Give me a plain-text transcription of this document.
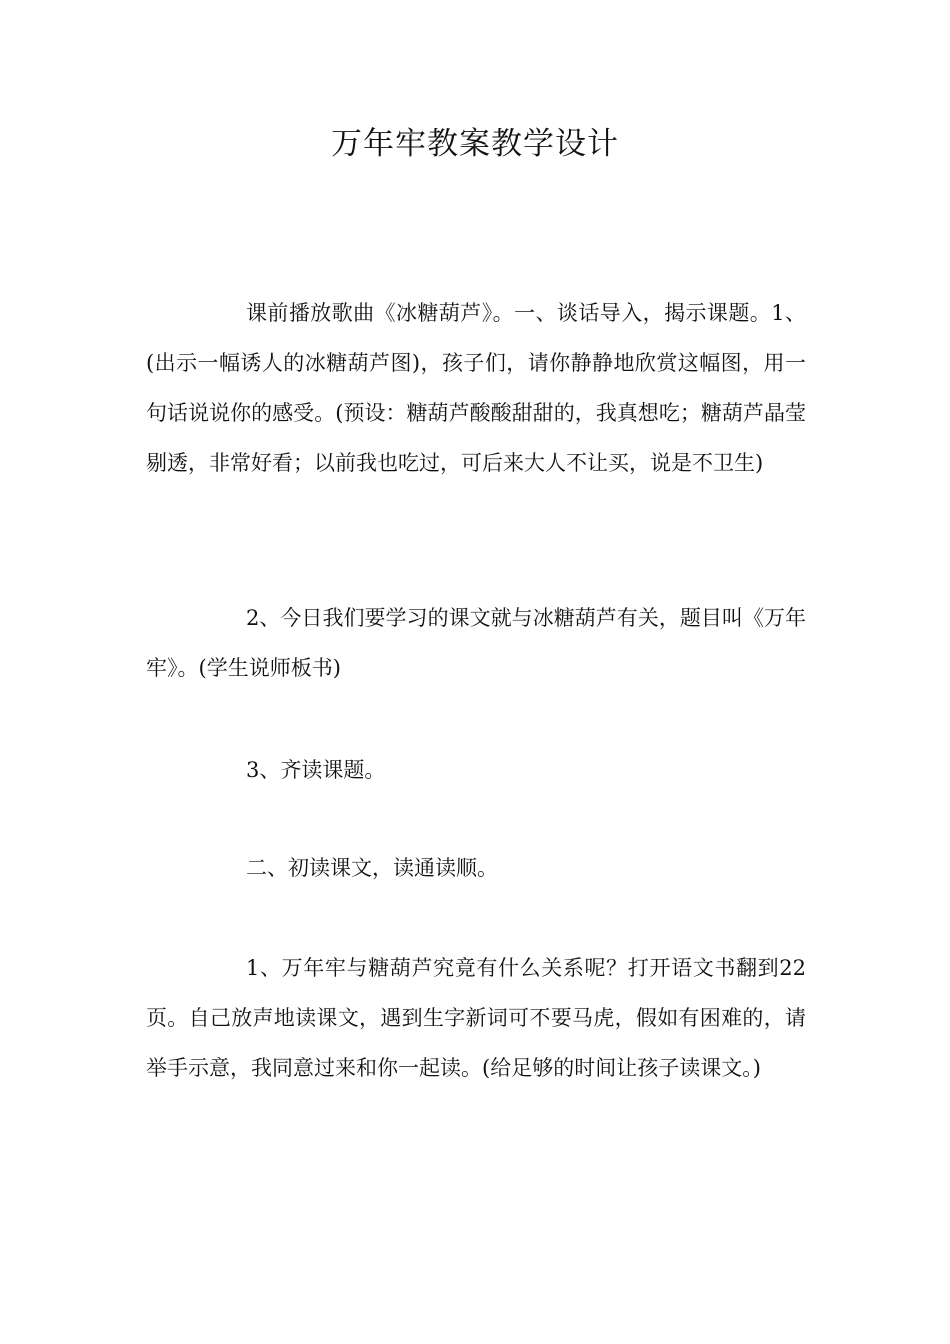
万年牢教案教学设计
课前播放歌曲《冰糖葫芦》。一、谈话导入，揭示课题。1、(出示一幅诱人的冰糖葫芦图)，孩子们，请你静静地欣赏这幅图，用一句话说说你的感受。(预设：糖葫芦酸酸甜甜的，我真想吃；糖葫芦晶莹剔透，非常好看；以前我也吃过，可后来大人不让买，说是不卫生)
2、今日我们要学习的课文就与冰糖葫芦有关，题目叫《万年牢》。(学生说师板书)
3、齐读课题。
二、初读课文，读通读顺。
1、万年牢与糖葫芦究竟有什么关系呢？打开语文书翻到22页。自己放声地读课文，遇到生字新词可不要马虎，假如有困难的，请举手示意，我同意过来和你一起读。(给足够的时间让孩子读课文。)
